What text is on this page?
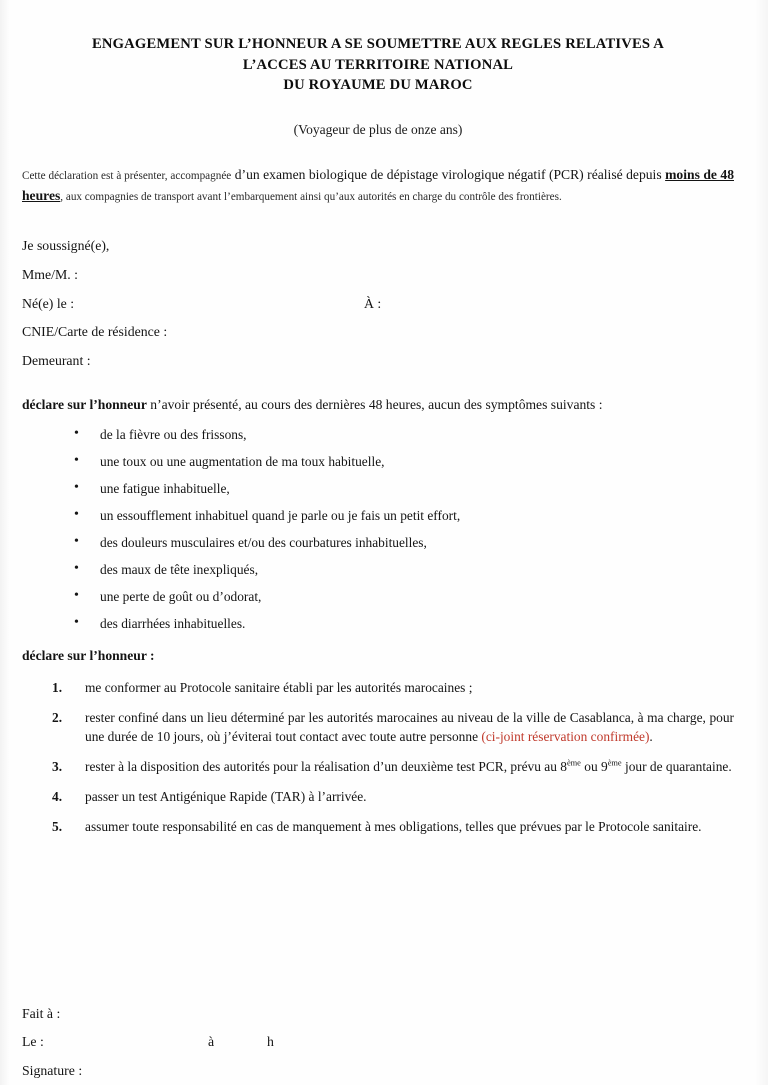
ENGAGEMENT SUR L’HONNEUR A SE SOUMETTRE AUX REGLES RELATIVES A
L’ACCES AU TERRITOIRE NATIONAL
DU ROYAUME DU MAROC
(Voyageur de plus de onze ans)

Cette déclaration est à présenter, accompagnée d’un examen biologique de dépistage virologique négatif (PCR) réalisé depuis moins de 48 heures, aux compagnies de transport avant l’embarquement ainsi qu’aux autorités en charge du contrôle des frontières.

Je soussigné(e),
Mme/M. :
Né(e) le :	À :
CNIE/Carte de résidence :
Demeurant :

déclare sur l’honneur n’avoir présenté, au cours des dernières 48 heures, aucun des symptômes suivants :

• de la fièvre ou des frissons,
• une toux ou une augmentation de ma toux habituelle,
• une fatigue inhabituelle,
• un essoufflement inhabituel quand je parle ou je fais un petit effort,
• des douleurs musculaires et/ou des courbatures inhabituelles,
• des maux de tête inexpliqués,
• une perte de goût ou d’odorat,
• des diarrhées inhabituelles.

déclare sur l’honneur :

me conformer au Protocole sanitaire établi par les autorités marocaines ;
rester confiné dans un lieu déterminé par les autorités marocaines au niveau de la ville de Casablanca, à ma charge, pour une durée de 10 jours, où j’éviterai tout contact avec toute autre personne (ci-joint réservation confirmée).
rester à la disposition des autorités pour la réalisation d’un deuxième test PCR, prévu au 8ème ou 9ème jour de quarantaine.
passer un test Antigénique Rapide (TAR) à l’arrivée.
assumer toute responsabilité en cas de manquement à mes obligations, telles que prévues par le Protocole sanitaire.
Fait à :
Le :	à	h
Signature :
